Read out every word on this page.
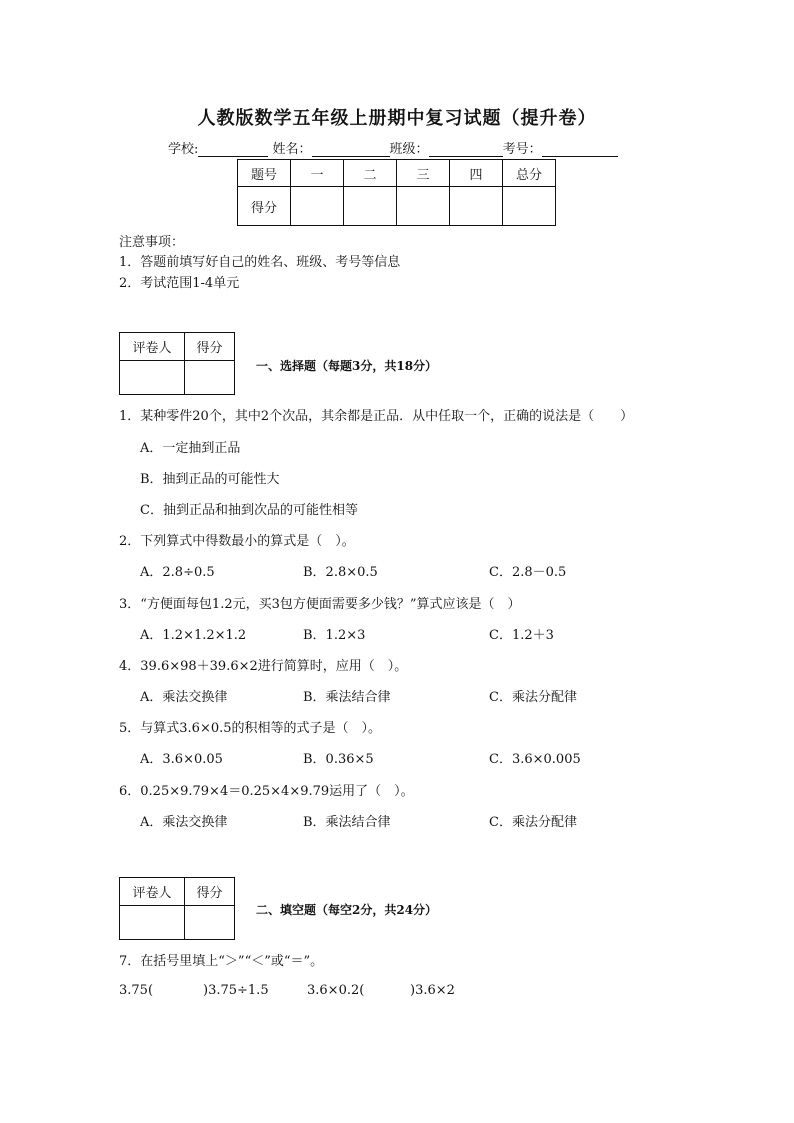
人教版数学五年级上册期中复习试题（提升卷）
学校:	姓名：	班级：	考号：
题号	一	二	三	四	总分
得分					
注意事项：
1．答题前填写好自己的姓名、班级、考号等信息
2．考试范围1-4单元
评卷人	得分

一、选择题（每题3分，共18分）
1．某种零件20个，其中2个次品，其余都是正品．从中任取一个，正确的说法是（　　）
A．一定抽到正品
B．抽到正品的可能性大
C．抽到正品和抽到次品的可能性相等
2．下列算式中得数最小的算式是（　）。
A．2.8÷0.5	B．2.8×0.5	C．2.8－0.5
3．“方便面每包1.2元，买3包方便面需要多少钱？”算式应该是（　）
A．1.2×1.2×1.2	B．1.2×3	C．1.2＋3
4．39.6×98＋39.6×2进行简算时，应用（　）。
A．乘法交换律	B．乘法结合律	C．乘法分配律
5．与算式3.6×0.5的积相等的式子是（　）。
A．3.6×0.05	B．0.36×5	C．3.6×0.005
6．0.25×9.79×4＝0.25×4×9.79运用了（　）。
A．乘法交换律	B．乘法结合律	C．乘法分配律
评卷人	得分

二、填空题（每空2分，共24分）
7．在括号里填上“＞”“＜”或“＝”。
3.75(	)3.75÷1.5	3.6×0.2(	)3.6×2
